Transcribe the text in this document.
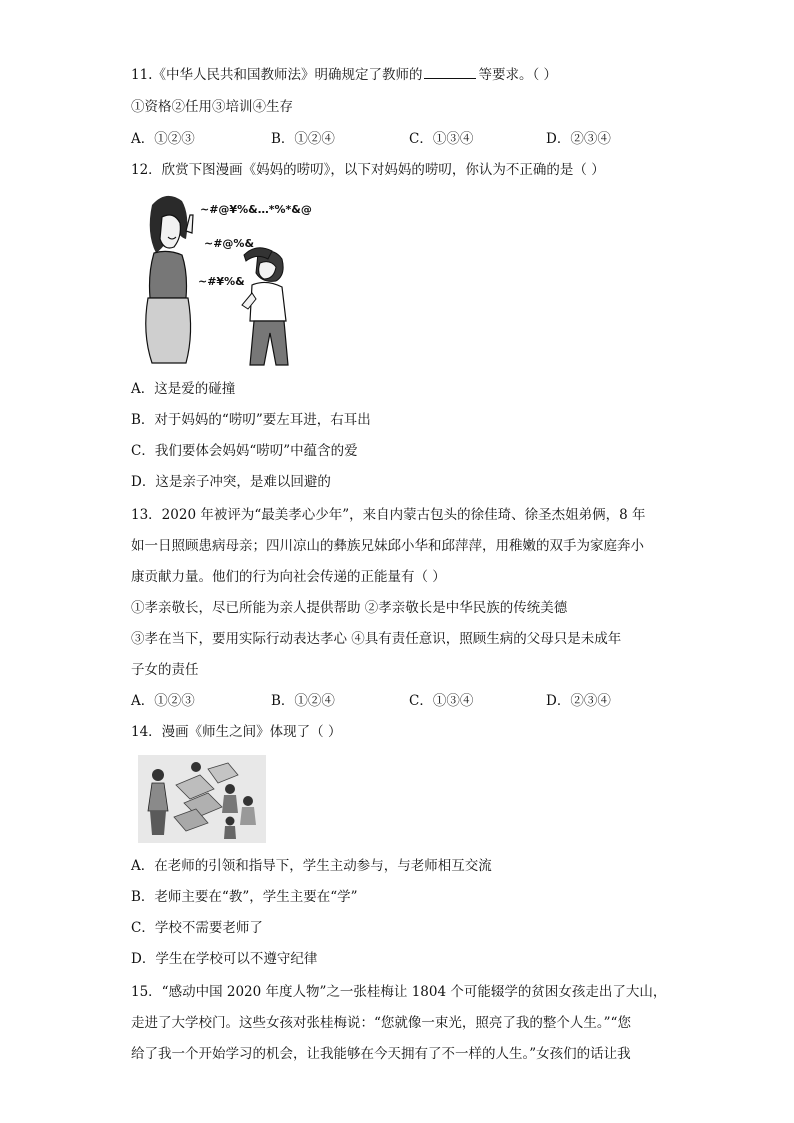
11.《中华人民共和国教师法》明确规定了教师的	等要求。（ ）
①资格②任用③培训④生存
A．①②③	B．①②④	C．①③④	D．②③④
12．欣赏下图漫画《妈妈的唠叨》，以下对妈妈的唠叨，你认为不正确的是（ ）
~#@¥%&…*%*&@
~#@%&
~#¥%&
A．这是爱的碰撞
B．对于妈妈的“唠叨”要左耳进，右耳出
C．我们要体会妈妈“唠叨”中蕴含的爱
D．这是亲子冲突，是难以回避的
13．2020 年被评为“最美孝心少年”，来自内蒙古包头的徐佳琦、徐圣杰姐弟俩，8 年
如一日照顾患病母亲；四川凉山的彝族兄妹邱小华和邱萍萍，用稚嫩的双手为家庭奔小
康贡献力量。他们的行为向社会传递的正能量有（ ）
①孝亲敬长，尽已所能为亲人提供帮助 ②孝亲敬长是中华民族的传统美德
③孝在当下，要用实际行动表达孝心 ④具有责任意识，照顾生病的父母只是未成年
子女的责任
A．①②③	B．①②④	C．①③④	D．②③④
14．漫画《师生之间》体现了（ ）
A．在老师的引领和指导下，学生主动参与，与老师相互交流
B．老师主要在“教”，学生主要在“学”
C．学校不需要老师了
D．学生在学校可以不遵守纪律
15．“感动中国 2020 年度人物”之一张桂梅让 1804 个可能辍学的贫困女孩走出了大山，
走进了大学校门。这些女孩对张桂梅说：“您就像一束光，照亮了我的整个人生。”“您
给了我一个开始学习的机会，让我能够在今天拥有了不一样的人生。”女孩们的话让我
